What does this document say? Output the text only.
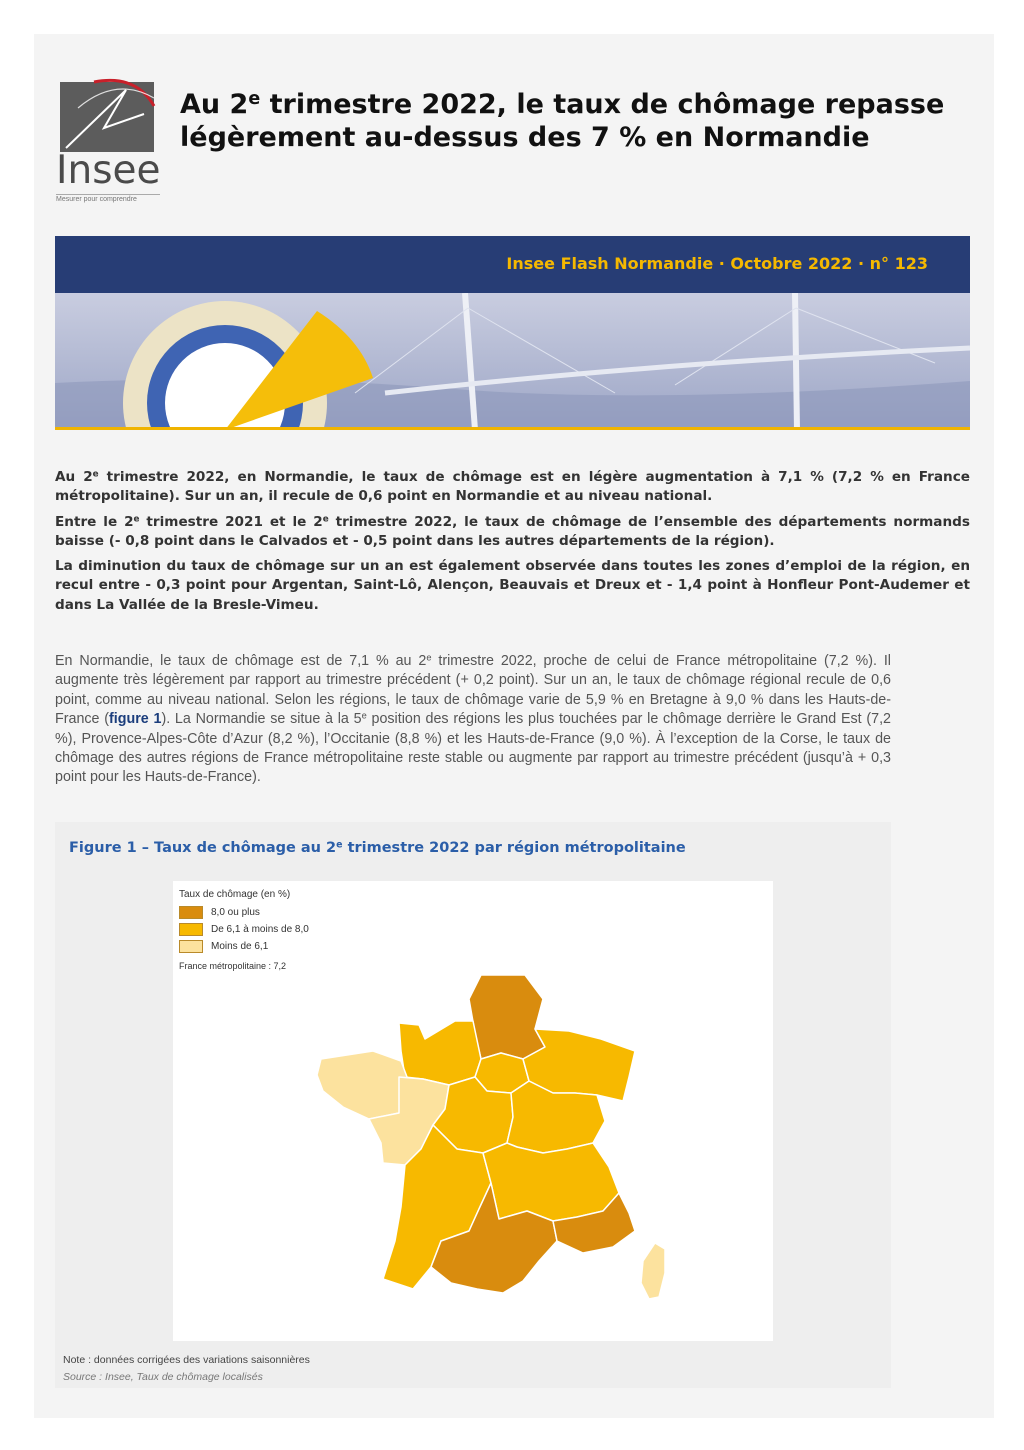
Insee
Mesurer pour comprendre
Au 2e trimestre 2022, le taux de chômage repasse légèrement au-dessus des 7 % en Normandie
Insee Flash Normandie · Octobre 2022 · n° 123

Au 2e trimestre 2022, en Normandie, le taux de chômage est en légère augmentation à 7,1 % (7,2 % en France métropolitaine). Sur un an, il recule de 0,6 point en Normandie et au niveau national.

Entre le 2e trimestre 2021 et le 2e trimestre 2022, le taux de chômage de l’ensemble des départements normands baisse (- 0,8 point dans le Calvados et - 0,5 point dans les autres départements de la région).

La diminution du taux de chômage sur un an est également observée dans toutes les zones d’emploi de la région, en recul entre - 0,3 point pour Argentan, Saint-Lô, Alençon, Beauvais et Dreux et - 1,4 point à Honfleur Pont-Audemer et dans La Vallée de la Bresle-Vimeu.

En Normandie, le taux de chômage est de 7,1 % au 2e trimestre 2022, proche de celui de France métropolitaine (7,2 %). Il augmente très légèrement par rapport au trimestre précédent (+ 0,2 point). Sur un an, le taux de chômage régional recule de 0,6 point, comme au niveau national. Selon les régions, le taux de chômage varie de 5,9 % en Bretagne à 9,0 % dans les Hauts-de-France (figure 1). La Normandie se situe à la 5e position des régions les plus touchées par le chômage derrière le Grand Est (7,2 %), Provence-Alpes-Côte d’Azur (8,2 %), l’Occitanie (8,8 %) et les Hauts-de-France (9,0 %). À l’exception de la Corse, le taux de chômage des autres régions de France métropolitaine reste stable ou augmente par rapport au trimestre précédent (jusqu’à + 0,3 point pour les Hauts-de-France).

Figure 1 – Taux de chômage au 2e trimestre 2022 par région métropolitaine
Taux de chômage (en %)
8,0 ou plus
De 6,1 à moins de 8,0
Moins de 6,1
France métropolitaine : 7,2
Note : données corrigées des variations saisonnières
Source : Insee, Taux de chômage localisés
